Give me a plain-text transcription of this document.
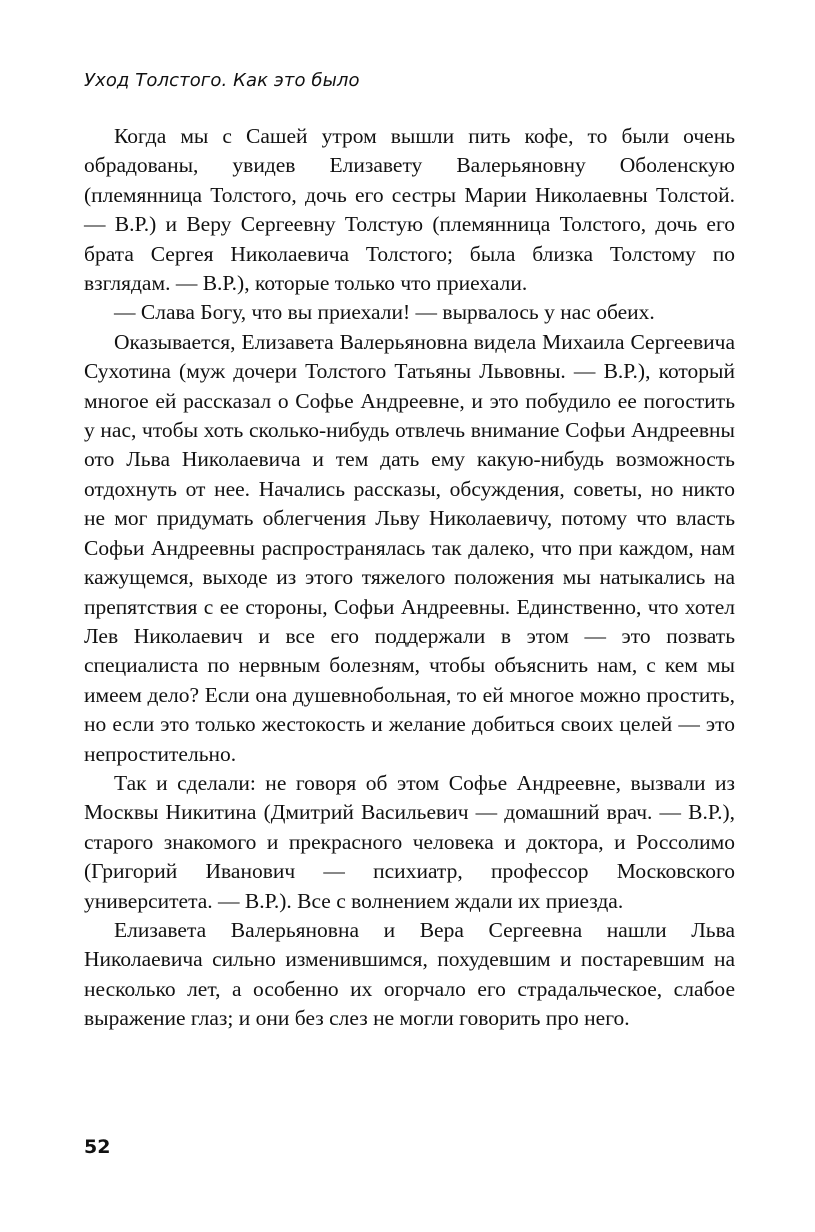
Уход Толстого. Как это было

Когда мы с Сашей утром вышли пить кофе, то были очень обрадованы, увидев Елизавету Валерьяновну Оболенскую (племянница Толстого, дочь его сестры Марии Николаевны Толстой. — В.Р.) и Веру Сергеевну Толстую (племянница Толстого, дочь его брата Сергея Николаевича Толстого; была близка Толстому по взглядам. — В.Р.), которые только что приехали.

— Слава Богу, что вы приехали! — вырвалось у нас обеих.

Оказывается, Елизавета Валерьяновна видела Михаила Сергеевича Сухотина (муж дочери Толстого Татьяны Львовны. — В.Р.), который многое ей рассказал о Софье Андреевне, и это побудило ее погостить у нас, чтобы хоть сколько-нибудь отвлечь внимание Софьи Андреевны ото Льва Николаевича и тем дать ему какую-нибудь возможность отдохнуть от нее. Начались рассказы, обсуждения, советы, но никто не мог придумать облегчения Льву Николаевичу, потому что власть Софьи Андреевны распространялась так далеко, что при каждом, нам кажущемся, выходе из этого тяжелого положения мы натыкались на препятствия с ее стороны, Софьи Андреевны. Единственно, что хотел Лев Николаевич и все его поддержали в этом — это позвать специалиста по нервным болезням, чтобы объяснить нам, с кем мы имеем дело? Если она душевнобольная, то ей многое можно простить, но если это только жестокость и желание добиться своих целей — это непростительно.

Так и сделали: не говоря об этом Софье Андреевне, вызвали из Москвы Никитина (Дмитрий Васильевич — домашний врач. — В.Р.), старого знакомого и прекрасного человека и доктора, и Россолимо (Григорий Иванович — психиатр, профессор Московского университета. — В.Р.). Все с волнением ждали их приезда.

Елизавета Валерьяновна и Вера Сергеевна нашли Льва Николаевича сильно изменившимся, похудевшим и постаревшим на несколько лет, а особенно их огорчало его страдальческое, слабое выражение глаз; и они без слез не могли говорить про него.

52
